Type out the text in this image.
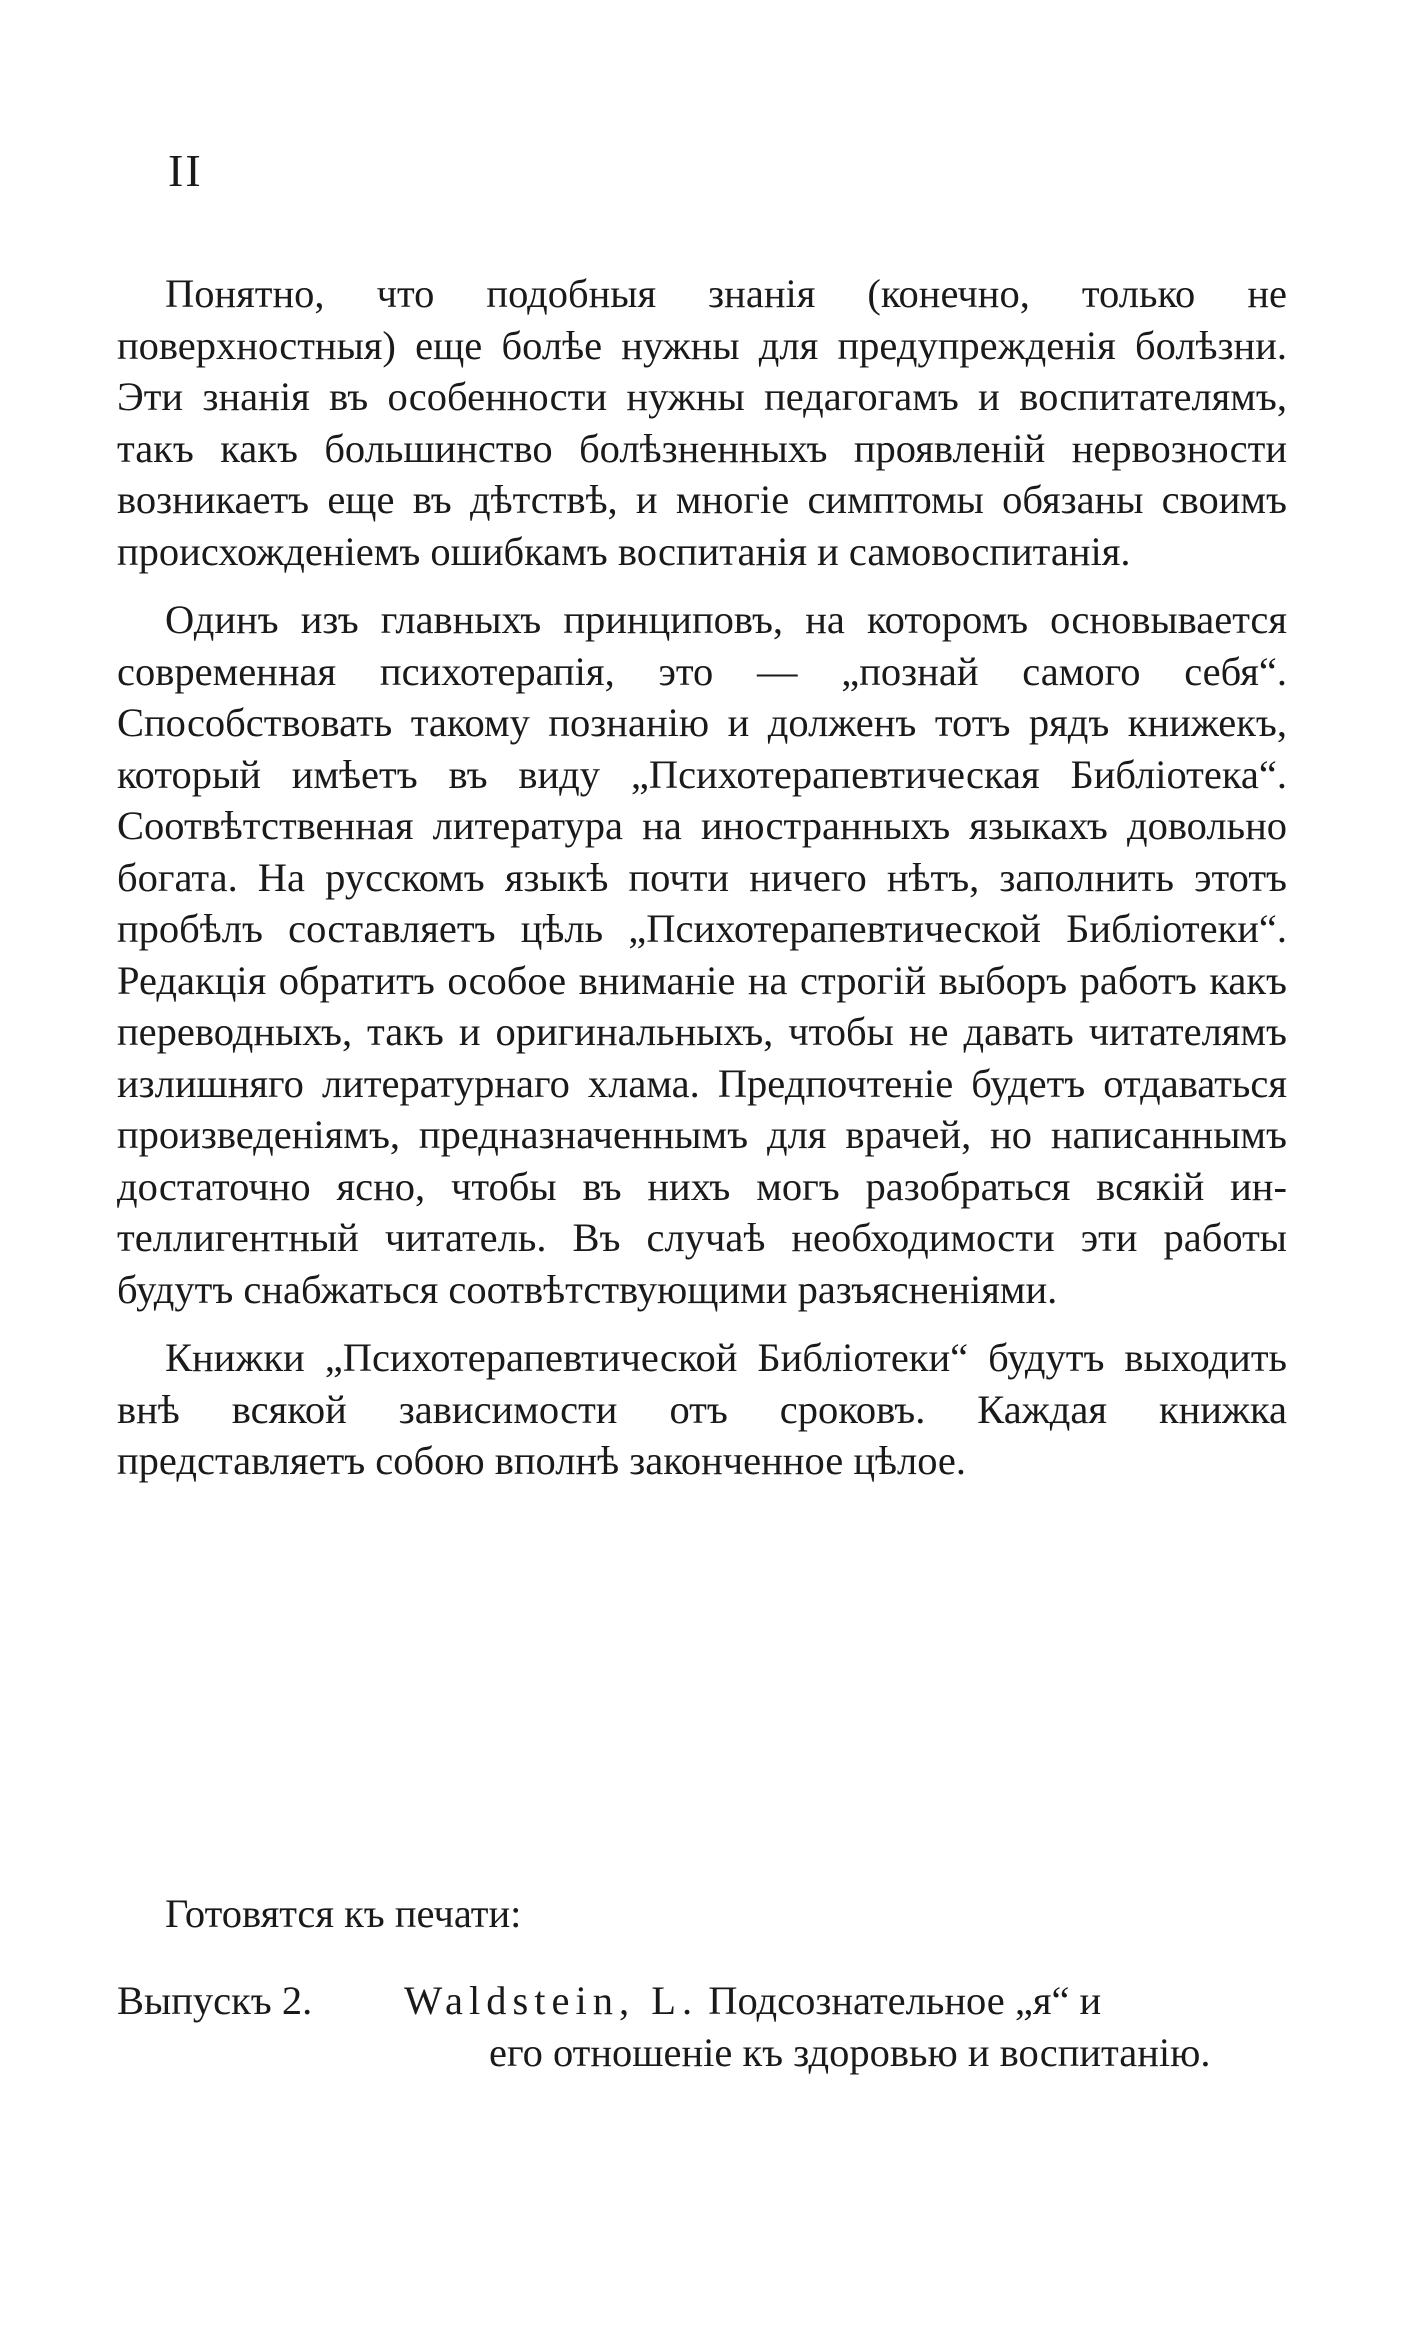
II

Понятно, что подобныя знанія (конечно, только не поверхностныя) еще болѣе нужны для предупрежденія болѣзни. Эти знанія въ особенности нужны педагогамъ и воспитателямъ, такъ какъ большинство болѣзненныхъ проявленій нервозности возникаетъ еще въ дѣтствѣ, и многіе симптомы обязаны своимъ происхожденіемъ ошибкамъ воспитанія и самовоспитанія.

Одинъ изъ главныхъ принциповъ, на которомъ основывается современная психотерапія, это — „познай самого себя“. Способствовать такому познанію и долженъ тотъ рядъ книжекъ, который имѣетъ въ виду „Психотерапевтическая Библіотека“. Соотвѣтственная литература на иностранныхъ языкахъ довольно богата. На русскомъ языкѣ почти ничего нѣтъ, заполнить этотъ пробѣлъ составляетъ цѣль „Психотерапевтической Библіотеки“. Редакція обратитъ особое вниманіе на строгій выборъ работъ какъ переводныхъ, такъ и оригинальныхъ, чтобы не давать читателямъ излишняго литературнаго хлама. Предпочтеніе будетъ отдаваться произведеніямъ, предназначеннымъ для врачей, но написаннымъ достаточно ясно, чтобы въ нихъ могъ разобраться всякій интеллигентный читатель. Въ случаѣ необходимости эти работы будутъ снабжаться соотвѣтствующими разъясненіями.

Книжки „Психотерапевтической Библіотеки“ будутъ выходить внѣ всякой зависимости отъ сроковъ. Каждая книжка представляетъ собою вполнѣ законченное цѣлое.

Готовятся къ печати:
Выпускъ 2. Waldstein, L. Подсознательное „я“ и
его отношеніе къ здоровью и воспитанію.
